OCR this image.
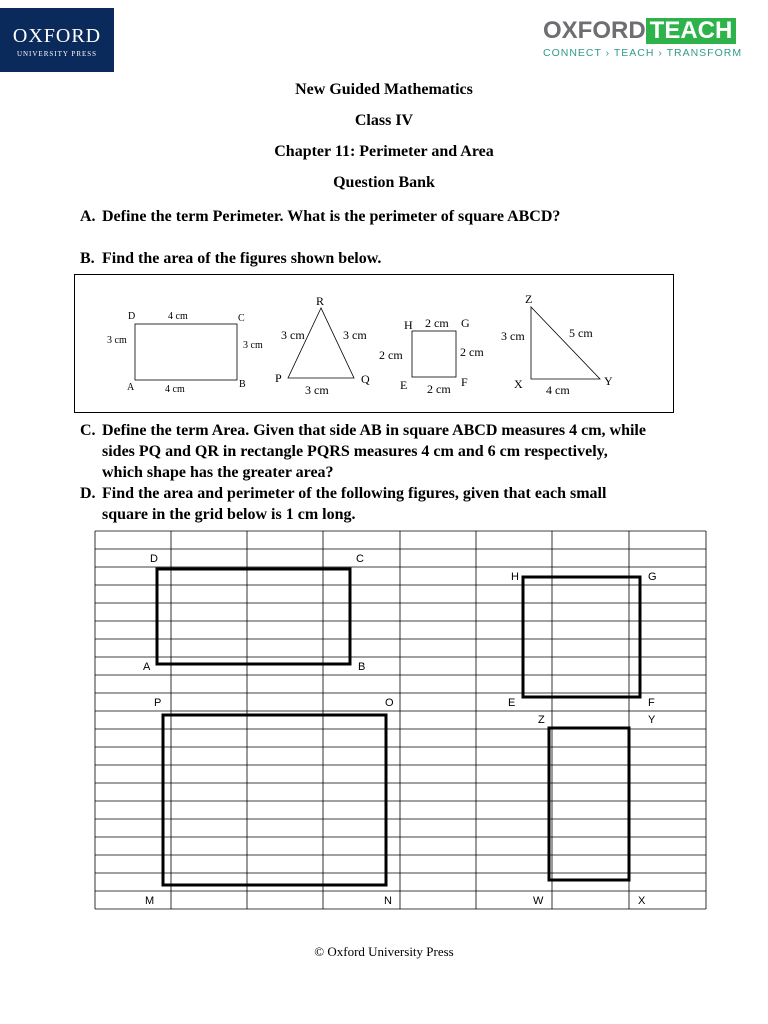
OXFORD
UNIVERSITY PRESS
OXFORD TEACH
CONNECT › TEACH › TRANSFORM
New Guided Mathematics
Class IV
Chapter 11: Perimeter and Area
Question Bank
A. Define the term Perimeter. What is the perimeter of square ABCD?
B. Find the area of the figures shown below.
D	C
A	B
4 cm
4 cm
3 cm	3 cm
R
P	Q
3 cm	3 cm
3 cm
H	G
E	F
2 cm
2 cm	2 cm
2 cm
Z
X	Y
3 cm	5 cm
4 cm
C. Define the term Area. Given that side AB in square ABCD measures 4 cm, while
sides PQ and QR in rectangle PQRS measures 4 cm and 6 cm respectively,
which shape has the greater area?
D. Find the area and perimeter of the following figures, given that each small
square in the grid below is 1 cm long.
D	C
A	B
H	G
E	F
P	O
M	N
Z	Y
W	X
© Oxford University Press
